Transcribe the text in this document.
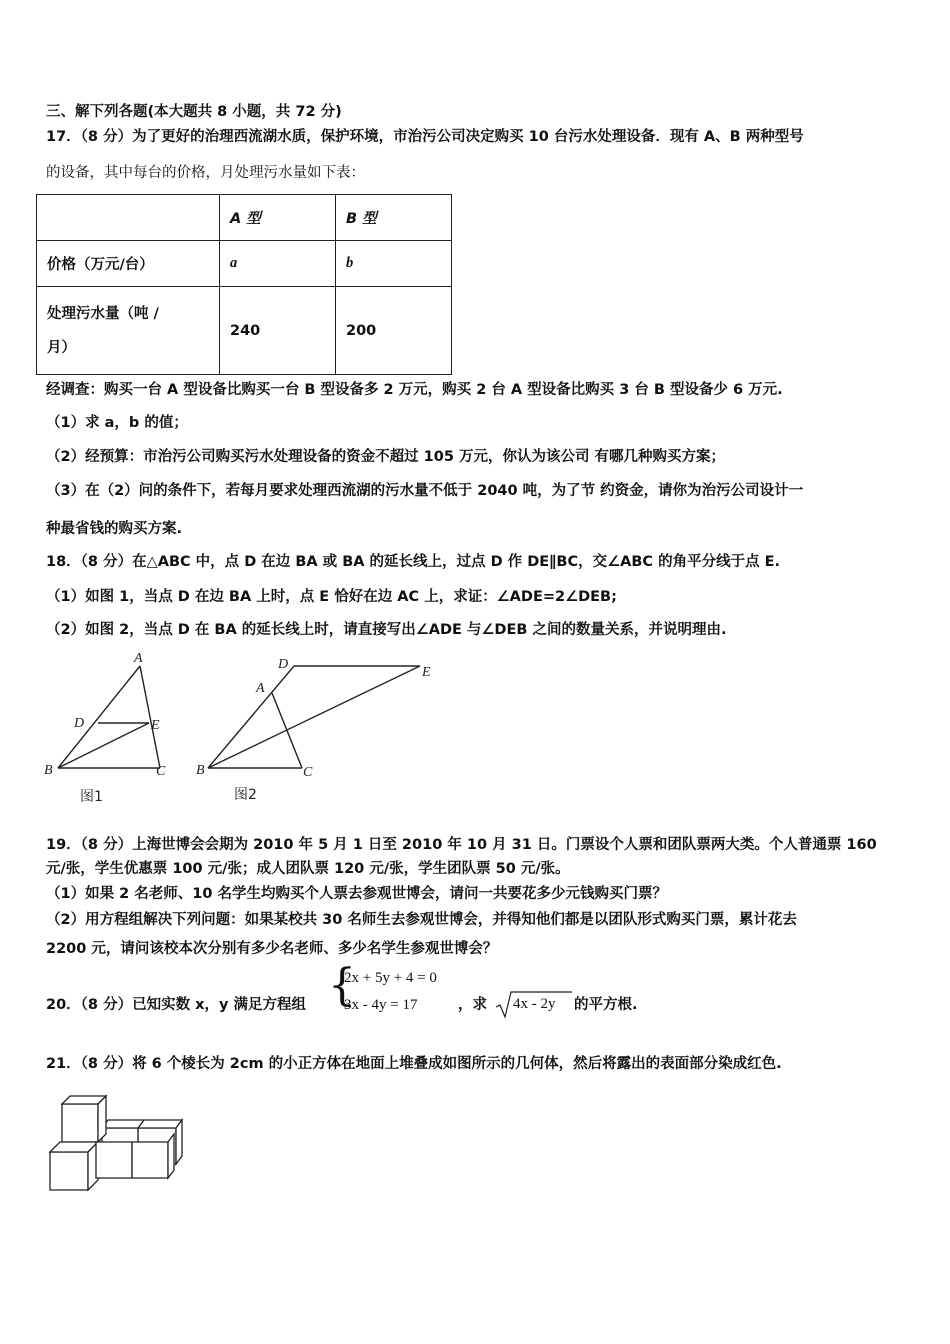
三、解下列各题(本大题共 8 小题，共 72 分)
17．（8 分）为了更好的治理西流湖水质，保护环境，市治污公司决定购买 10 台污水处理设备．现有 A、B 两种型号
的设备，其中每台的价格，月处理污水量如下表：
	A 型	B 型
价格（万元/台）	a	b
处理污水量（吨 /
月）	240	200
经调查：购买一台 A 型设备比购买一台 B 型设备多 2 万元，购买 2 台 A 型设备比购买 3 台 B 型设备少 6 万元.
（1）求 a，b 的值；
（2）经预算：市治污公司购买污水处理设备的资金不超过 105 万元，你认为该公司 有哪几种购买方案；
（3）在（2）问的条件下，若每月要求处理西流湖的污水量不低于 2040 吨，为了节 约资金，请你为治污公司设计一
种最省钱的购买方案.
18．（8 分）在△ABC 中，点 D 在边 BA 或 BA 的延长线上，过点 D 作 DE∥BC，交∠ABC 的角平分线于点 E.
（1）如图 1，当点 D 在边 BA 上时，点 E 恰好在边 AC 上，求证：∠ADE=2∠DEB;
（2）如图 2，当点 D 在 BA 的延长线上时，请直接写出∠ADE 与∠DEB 之间的数量关系，并说明理由.
A
D	E
B	C
图1
D
E
A
B	C
图2
19．（8 分）上海世博会会期为 2010 年 5 月 1 日至 2010 年 10 月 31 日。门票设个人票和团队票两大类。个人普通票 160
元/张，学生优惠票 100 元/张；成人团队票 120 元/张，学生团队票 50 元/张。
（1）如果 2 名老师、10 名学生均购买个人票去参观世博会，请问一共要花多少元钱购买门票？
（2）用方程组解决下列问题：如果某校共 30 名师生去参观世博会，并得知他们都是以团队形式购买门票，累计花去
2200 元，请问该校本次分别有多少名老师、多少名学生参观世博会？
20．（8 分）已知实数 x，y 满足方程组 {
2x + 5y + 4 = 0
3x - 4y = 17	，求 4x - 2y 的平方根.
21．（8 分）将 6 个棱长为 2cm 的小正方体在地面上堆叠成如图所示的几何体，然后将露出的表面部分染成红色.
